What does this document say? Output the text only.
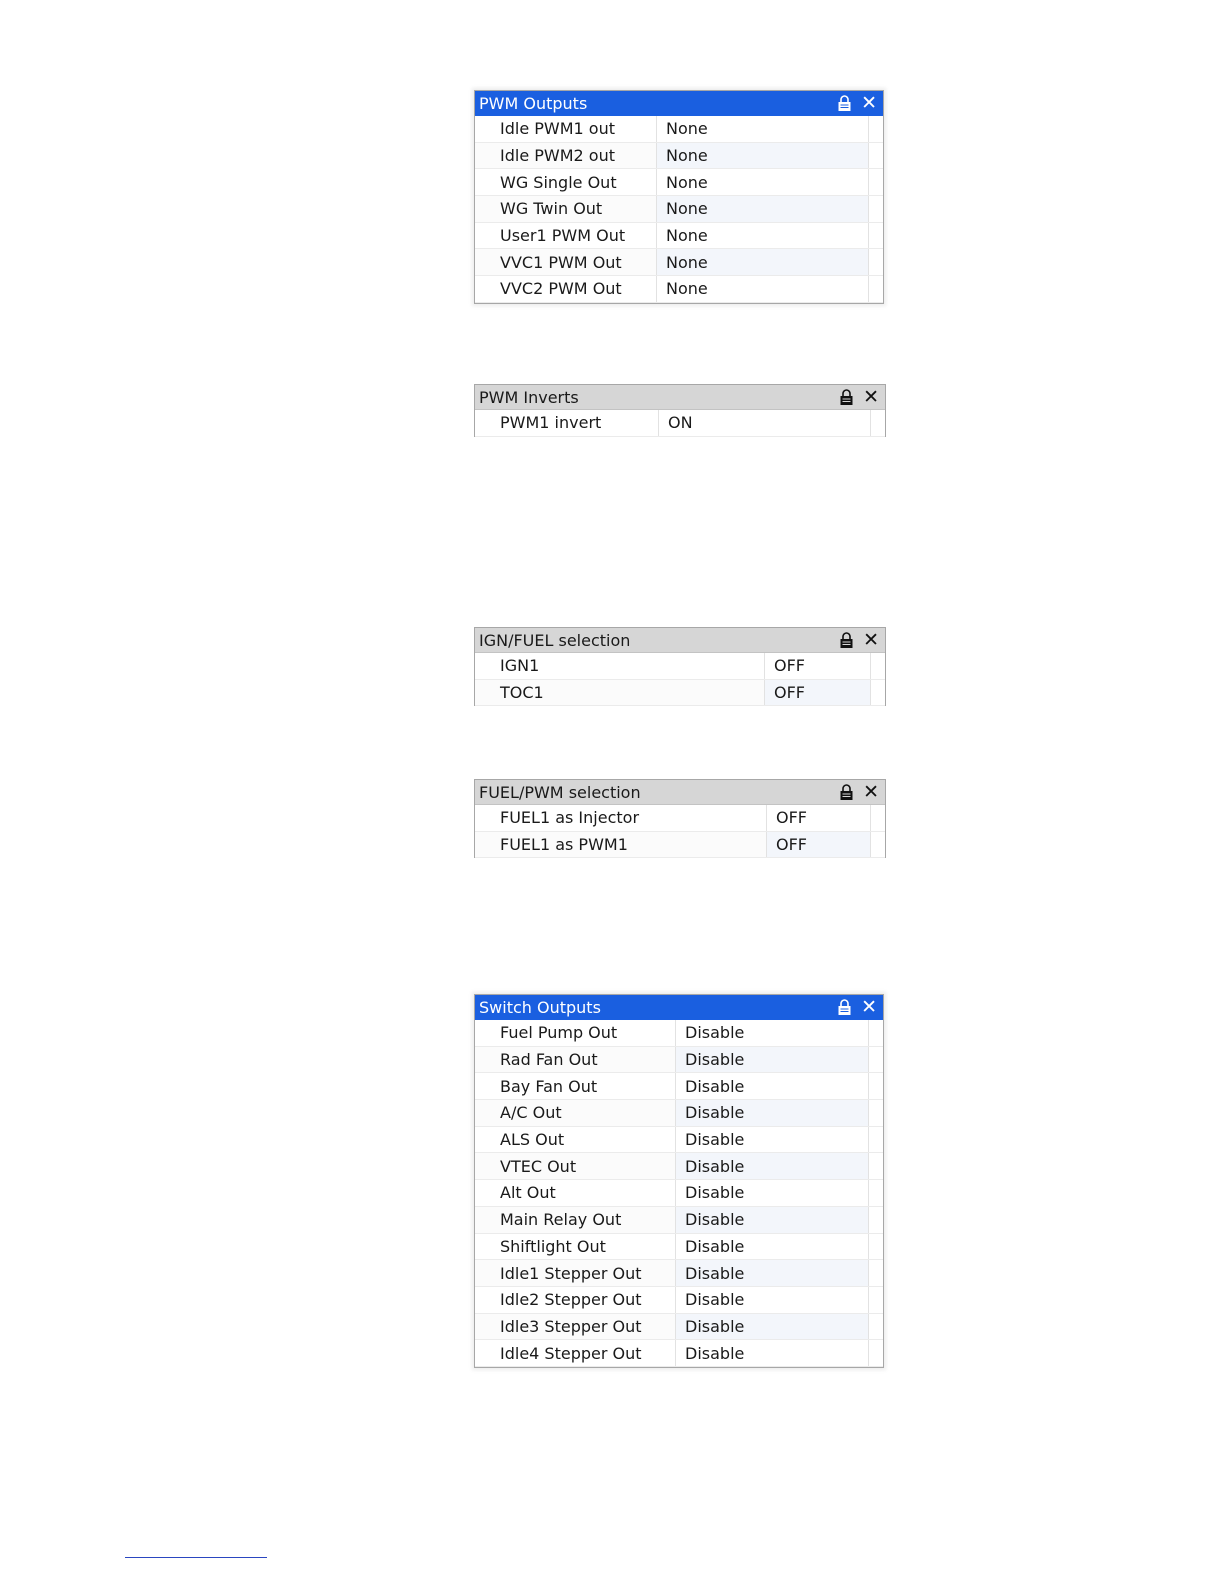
PWM Outputs	✕
Idle PWM1 out	None
Idle PWM2 out	None
WG Single Out	None
WG Twin Out	None
User1 PWM Out	None
VVC1 PWM Out	None
VVC2 PWM Out	None
PWM Inverts	✕
PWM1 invert	ON
IGN/FUEL selection	✕
IGN1	OFF
TOC1	OFF
FUEL/PWM selection	✕
FUEL1 as Injector	OFF
FUEL1 as PWM1	OFF
Switch Outputs	✕
Fuel Pump Out	Disable
Rad Fan Out	Disable
Bay Fan Out	Disable
A/C Out	Disable
ALS Out	Disable
VTEC Out	Disable
Alt Out	Disable
Main Relay Out	Disable
Shiftlight Out	Disable
Idle1 Stepper Out	Disable
Idle2 Stepper Out	Disable
Idle3 Stepper Out	Disable
Idle4 Stepper Out	Disable
